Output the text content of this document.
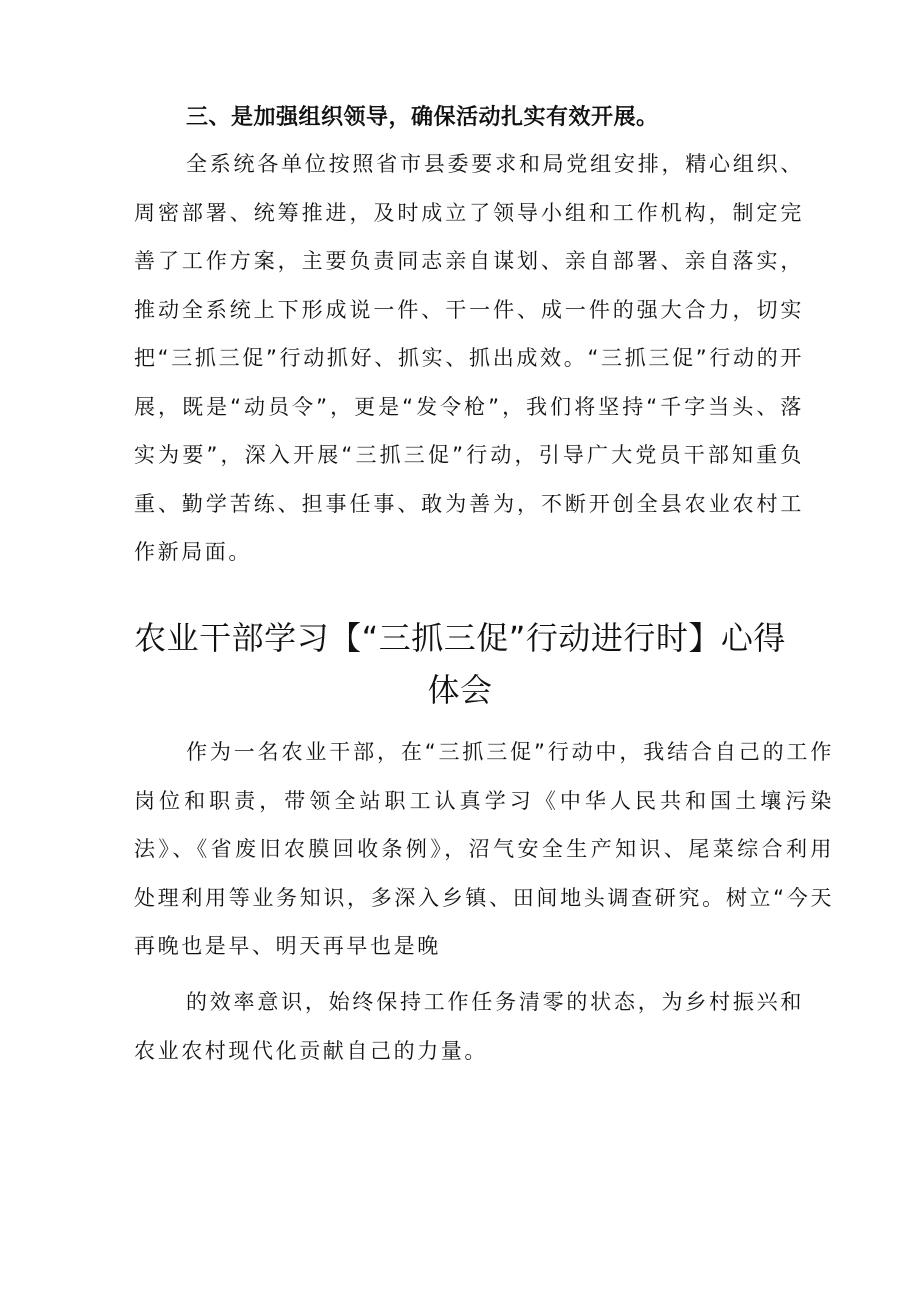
三、是加强组织领导，确保活动扎实有效开展。

全系统各单位按照省市县委要求和局党组安排，精心组织、周密部署、统筹推进，及时成立了领导小组和工作机构，制定完善了工作方案，主要负责同志亲自谋划、亲自部署、亲自落实，推动全系统上下形成说一件、干一件、成一件的强大合力，切实把“三抓三促”行动抓好、抓实、抓出成效。“三抓三促”行动的开展，既是“动员令”，更是“发令枪”，我们将坚持“千字当头、落实为要”，深入开展“三抓三促”行动，引导广大党员干部知重负重、勤学苦练、担事任事、敢为善为，不断开创全县农业农村工作新局面。

农业干部学习【“三抓三促”行动进行时】心得
体会

作为一名农业干部，在“三抓三促”行动中，我结合自己的工作岗位和职责，带领全站职工认真学习《中华人民共和国土壤污染法》、《省废旧农膜回收条例》，沼气安全生产知识、尾菜综合利用处理利用等业务知识，多深入乡镇、田间地头调查研究。树立“今天再晚也是早、明天再早也是晚

的效率意识，始终保持工作任务清零的状态，为乡村振兴和农业农村现代化贡献自己的力量。
